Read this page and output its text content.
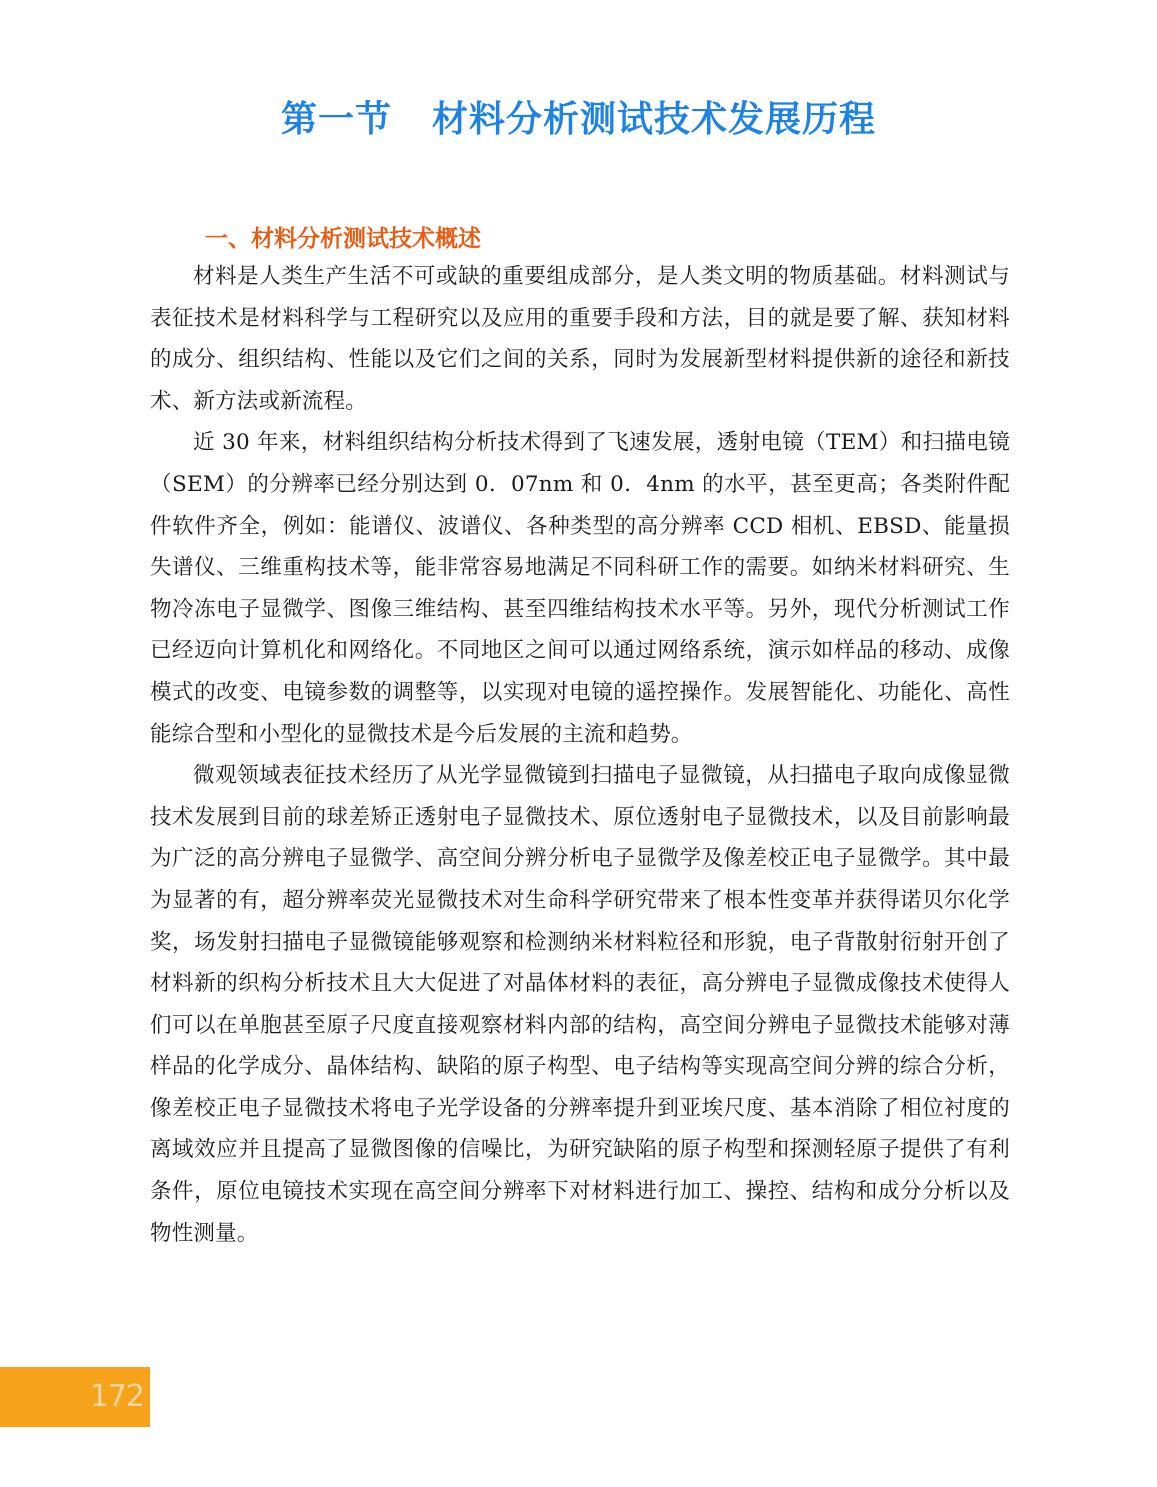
第一节 材料分析测试技术发展历程
一、材料分析测试技术概述

材料是人类生产生活不可或缺的重要组成部分，是人类文明的物质基础。材料测试与表征技术是材料科学与工程研究以及应用的重要手段和方法，目的就是要了解、获知材料的成分、组织结构、性能以及它们之间的关系，同时为发展新型材料提供新的途径和新技术、新方法或新流程。

近 30 年来，材料组织结构分析技术得到了飞速发展，透射电镜（TEM）和扫描电镜（SEM）的分辨率已经分别达到 0．07nm 和 0．4nm 的水平，甚至更高；各类附件配件软件齐全，例如：能谱仪、波谱仪、各种类型的高分辨率 CCD 相机、EBSD、能量损失谱仪、三维重构技术等，能非常容易地满足不同科研工作的需要。如纳米材料研究、生物冷冻电子显微学、图像三维结构、甚至四维结构技术水平等。另外，现代分析测试工作已经迈向计算机化和网络化。不同地区之间可以通过网络系统，演示如样品的移动、成像模式的改变、电镜参数的调整等，以实现对电镜的遥控操作。发展智能化、功能化、高性能综合型和小型化的显微技术是今后发展的主流和趋势。

微观领域表征技术经历了从光学显微镜到扫描电子显微镜，从扫描电子取向成像显微技术发展到目前的球差矫正透射电子显微技术、原位透射电子显微技术，以及目前影响最为广泛的高分辨电子显微学、高空间分辨分析电子显微学及像差校正电子显微学。其中最为显著的有，超分辨率荧光显微技术对生命科学研究带来了根本性变革并获得诺贝尔化学奖，场发射扫描电子显微镜能够观察和检测纳米材料粒径和形貌，电子背散射衍射开创了材料新的织构分析技术且大大促进了对晶体材料的表征，高分辨电子显微成像技术使得人们可以在单胞甚至原子尺度直接观察材料内部的结构，高空间分辨电子显微技术能够对薄样品的化学成分、晶体结构、缺陷的原子构型、电子结构等实现高空间分辨的综合分析，像差校正电子显微技术将电子光学设备的分辨率提升到亚埃尺度、基本消除了相位衬度的离域效应并且提高了显微图像的信噪比，为研究缺陷的原子构型和探测轻原子提供了有利条件，原位电镜技术实现在高空间分辨率下对材料进行加工、操控、结构和成分分析以及物性测量。

172
